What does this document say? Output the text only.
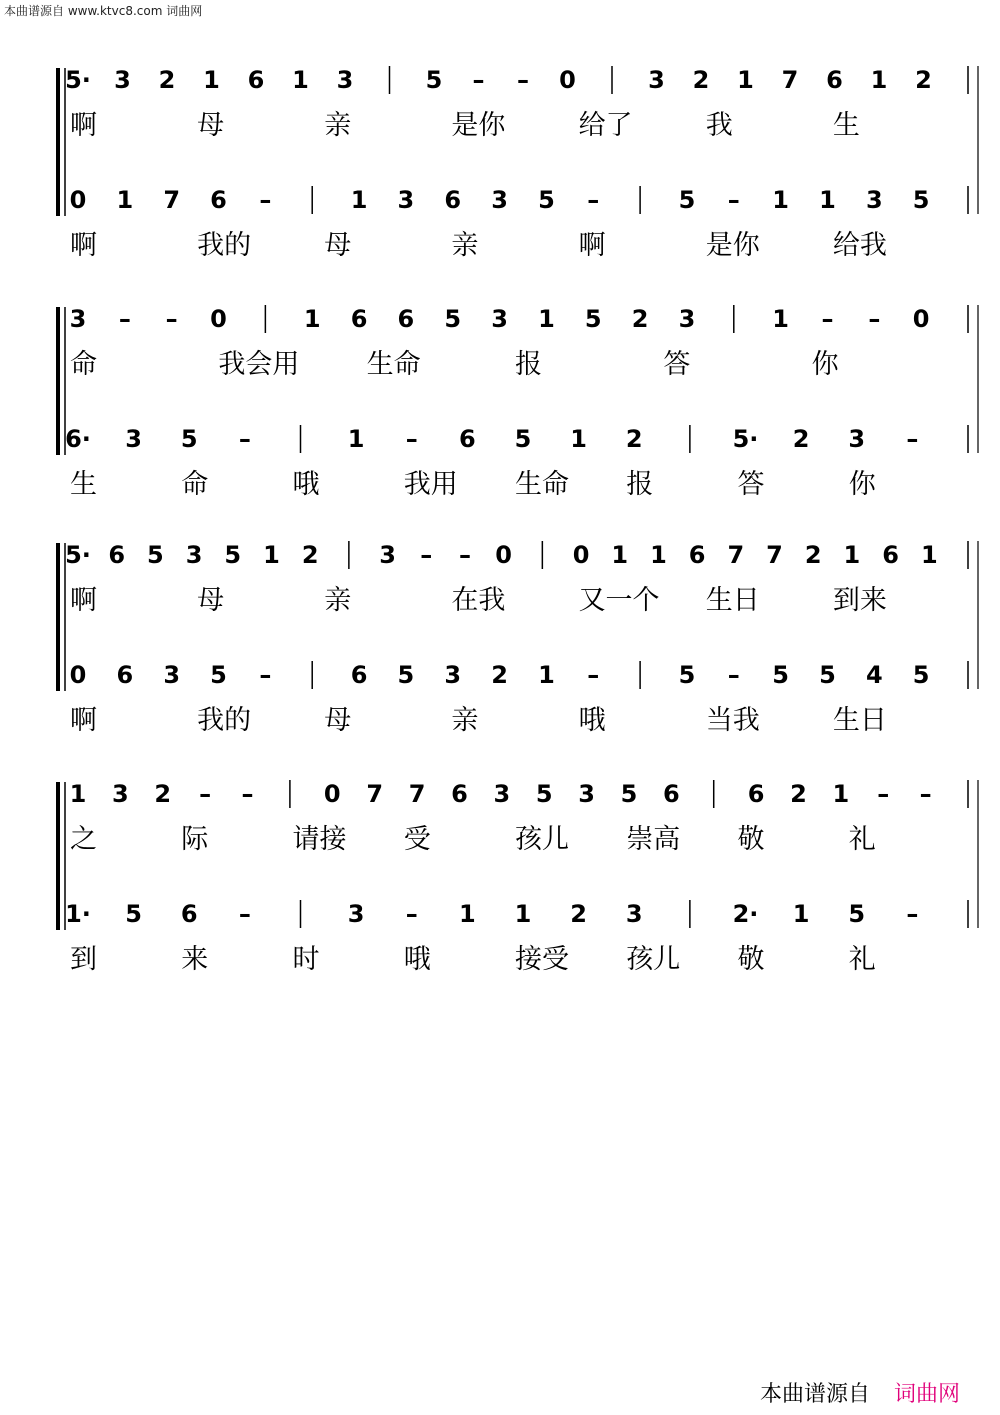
本曲谱源自 www.ktvc8.com 词曲网
5· 3 2 1 6 1 3	5 – – 0	3 2 1 7 6 1 2
啊	母	亲	是你	给了	我	生
0 1 7 6 –	1 3 6 3 5 –	5 – 1 1 3 5
啊	我的	母	亲	啊	是你	给我
3 – – 0	1 6 6 5 3 1 5 2 3	1 – – 0
命	我会用 生命	报	答	你
6· 3 5 –	1 – 6 5 1 2	5· 2 3 –
生	命	哦	我用 生命 报	答	你
5· 6 5 3 5 1 2	3 – – 0	0 1 1 6 7 7 2 1 6 1
啊	母	亲	在我	又一个 生日	到来
0 6 3 5 –	6 5 3 2 1 –	5 – 5 5 4 5
啊	我的	母	亲	哦	当我	生日
1 3 2 – –	0 7 7 6 3 5 3 5 6	6 2 1 – –
之	际	请接 受	孩儿 崇高 敬	礼
1· 5 6 –	3 – 1 1 2 3	2· 1 5 –
到	来	时	哦	接受 孩儿 敬	礼
本曲谱源自 词曲网
